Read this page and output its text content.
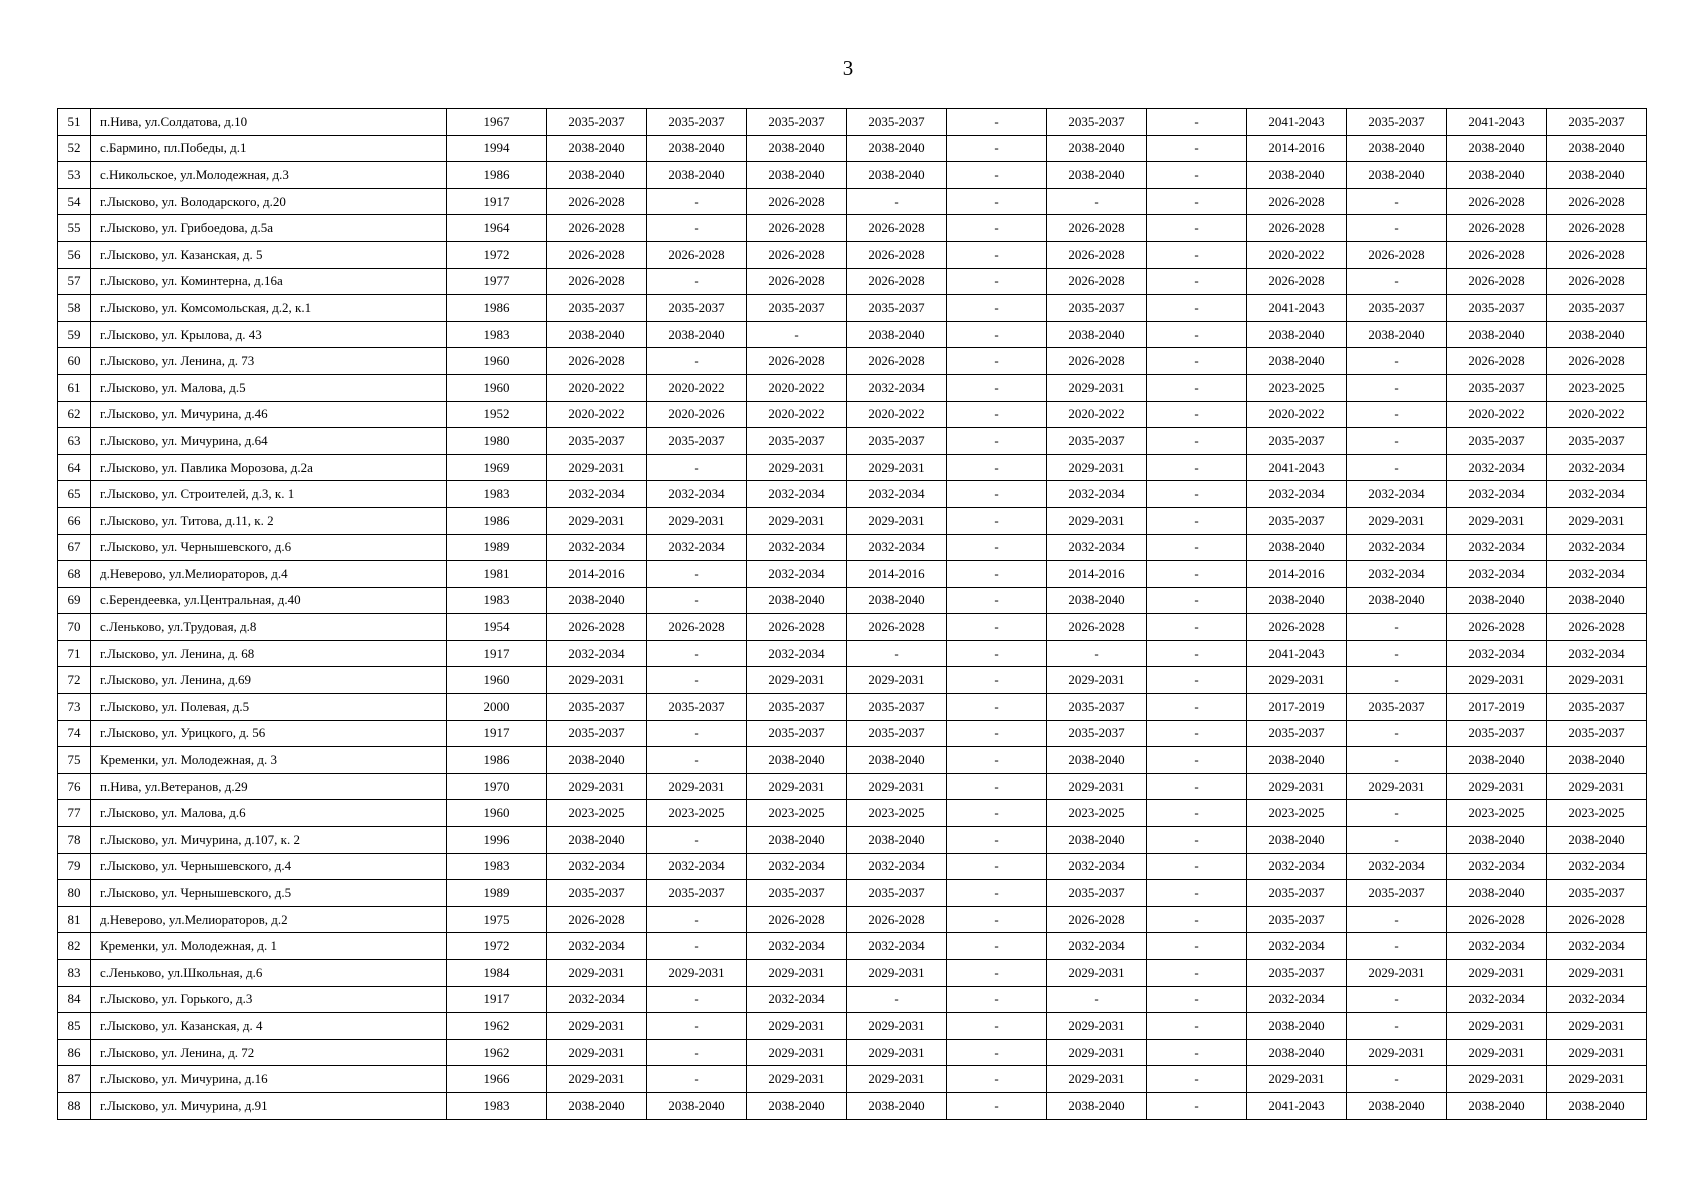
3
51	п.Нива, ул.Солдатова, д.10	1967	2035-2037	2035-2037	2035-2037	2035-2037	-	2035-2037	-	2041-2043	2035-2037	2041-2043	2035-2037
52	с.Бармино, пл.Победы, д.1	1994	2038-2040	2038-2040	2038-2040	2038-2040	-	2038-2040	-	2014-2016	2038-2040	2038-2040	2038-2040
53	с.Никольское, ул.Молодежная, д.3	1986	2038-2040	2038-2040	2038-2040	2038-2040	-	2038-2040	-	2038-2040	2038-2040	2038-2040	2038-2040
54	г.Лысково, ул. Володарского, д.20	1917	2026-2028	-	2026-2028	-	-	-	-	2026-2028	-	2026-2028	2026-2028
55	г.Лысково, ул. Грибоедова, д.5а	1964	2026-2028	-	2026-2028	2026-2028	-	2026-2028	-	2026-2028	-	2026-2028	2026-2028
56	г.Лысково, ул. Казанская, д. 5	1972	2026-2028	2026-2028	2026-2028	2026-2028	-	2026-2028	-	2020-2022	2026-2028	2026-2028	2026-2028
57	г.Лысково, ул. Коминтерна, д.16а	1977	2026-2028	-	2026-2028	2026-2028	-	2026-2028	-	2026-2028	-	2026-2028	2026-2028
58	г.Лысково, ул. Комсомольская, д.2, к.1	1986	2035-2037	2035-2037	2035-2037	2035-2037	-	2035-2037	-	2041-2043	2035-2037	2035-2037	2035-2037
59	г.Лысково, ул. Крылова, д. 43	1983	2038-2040	2038-2040	-	2038-2040	-	2038-2040	-	2038-2040	2038-2040	2038-2040	2038-2040
60	г.Лысково, ул. Ленина, д. 73	1960	2026-2028	-	2026-2028	2026-2028	-	2026-2028	-	2038-2040	-	2026-2028	2026-2028
61	г.Лысково, ул. Малова, д.5	1960	2020-2022	2020-2022	2020-2022	2032-2034	-	2029-2031	-	2023-2025	-	2035-2037	2023-2025
62	г.Лысково, ул. Мичурина, д.46	1952	2020-2022	2020-2026	2020-2022	2020-2022	-	2020-2022	-	2020-2022	-	2020-2022	2020-2022
63	г.Лысково, ул. Мичурина, д.64	1980	2035-2037	2035-2037	2035-2037	2035-2037	-	2035-2037	-	2035-2037	-	2035-2037	2035-2037
64	г.Лысково, ул. Павлика Морозова, д.2а	1969	2029-2031	-	2029-2031	2029-2031	-	2029-2031	-	2041-2043	-	2032-2034	2032-2034
65	г.Лысково, ул. Строителей, д.3, к. 1	1983	2032-2034	2032-2034	2032-2034	2032-2034	-	2032-2034	-	2032-2034	2032-2034	2032-2034	2032-2034
66	г.Лысково, ул. Титова, д.11, к. 2	1986	2029-2031	2029-2031	2029-2031	2029-2031	-	2029-2031	-	2035-2037	2029-2031	2029-2031	2029-2031
67	г.Лысково, ул. Чернышевского, д.6	1989	2032-2034	2032-2034	2032-2034	2032-2034	-	2032-2034	-	2038-2040	2032-2034	2032-2034	2032-2034
68	д.Неверово, ул.Мелиораторов, д.4	1981	2014-2016	-	2032-2034	2014-2016	-	2014-2016	-	2014-2016	2032-2034	2032-2034	2032-2034
69	с.Берендеевка, ул.Центральная, д.40	1983	2038-2040	-	2038-2040	2038-2040	-	2038-2040	-	2038-2040	2038-2040	2038-2040	2038-2040
70	с.Леньково, ул.Трудовая, д.8	1954	2026-2028	2026-2028	2026-2028	2026-2028	-	2026-2028	-	2026-2028	-	2026-2028	2026-2028
71	г.Лысково, ул. Ленина, д. 68	1917	2032-2034	-	2032-2034	-	-	-	-	2041-2043	-	2032-2034	2032-2034
72	г.Лысково, ул. Ленина, д.69	1960	2029-2031	-	2029-2031	2029-2031	-	2029-2031	-	2029-2031	-	2029-2031	2029-2031
73	г.Лысково, ул. Полевая, д.5	2000	2035-2037	2035-2037	2035-2037	2035-2037	-	2035-2037	-	2017-2019	2035-2037	2017-2019	2035-2037
74	г.Лысково, ул. Урицкого, д. 56	1917	2035-2037	-	2035-2037	2035-2037	-	2035-2037	-	2035-2037	-	2035-2037	2035-2037
75	Кременки, ул. Молодежная, д. 3	1986	2038-2040	-	2038-2040	2038-2040	-	2038-2040	-	2038-2040	-	2038-2040	2038-2040
76	п.Нива, ул.Ветеранов, д.29	1970	2029-2031	2029-2031	2029-2031	2029-2031	-	2029-2031	-	2029-2031	2029-2031	2029-2031	2029-2031
77	г.Лысково, ул. Малова, д.6	1960	2023-2025	2023-2025	2023-2025	2023-2025	-	2023-2025	-	2023-2025	-	2023-2025	2023-2025
78	г.Лысково, ул. Мичурина, д.107, к. 2	1996	2038-2040	-	2038-2040	2038-2040	-	2038-2040	-	2038-2040	-	2038-2040	2038-2040
79	г.Лысково, ул. Чернышевского, д.4	1983	2032-2034	2032-2034	2032-2034	2032-2034	-	2032-2034	-	2032-2034	2032-2034	2032-2034	2032-2034
80	г.Лысково, ул. Чернышевского, д.5	1989	2035-2037	2035-2037	2035-2037	2035-2037	-	2035-2037	-	2035-2037	2035-2037	2038-2040	2035-2037
81	д.Неверово, ул.Мелиораторов, д.2	1975	2026-2028	-	2026-2028	2026-2028	-	2026-2028	-	2035-2037	-	2026-2028	2026-2028
82	Кременки, ул. Молодежная, д. 1	1972	2032-2034	-	2032-2034	2032-2034	-	2032-2034	-	2032-2034	-	2032-2034	2032-2034
83	с.Леньково, ул.Школьная, д.6	1984	2029-2031	2029-2031	2029-2031	2029-2031	-	2029-2031	-	2035-2037	2029-2031	2029-2031	2029-2031
84	г.Лысково, ул. Горького, д.3	1917	2032-2034	-	2032-2034	-	-	-	-	2032-2034	-	2032-2034	2032-2034
85	г.Лысково, ул. Казанская, д. 4	1962	2029-2031	-	2029-2031	2029-2031	-	2029-2031	-	2038-2040	-	2029-2031	2029-2031
86	г.Лысково, ул. Ленина, д. 72	1962	2029-2031	-	2029-2031	2029-2031	-	2029-2031	-	2038-2040	2029-2031	2029-2031	2029-2031
87	г.Лысково, ул. Мичурина, д.16	1966	2029-2031	-	2029-2031	2029-2031	-	2029-2031	-	2029-2031	-	2029-2031	2029-2031
88	г.Лысково, ул. Мичурина, д.91	1983	2038-2040	2038-2040	2038-2040	2038-2040	-	2038-2040	-	2041-2043	2038-2040	2038-2040	2038-2040
